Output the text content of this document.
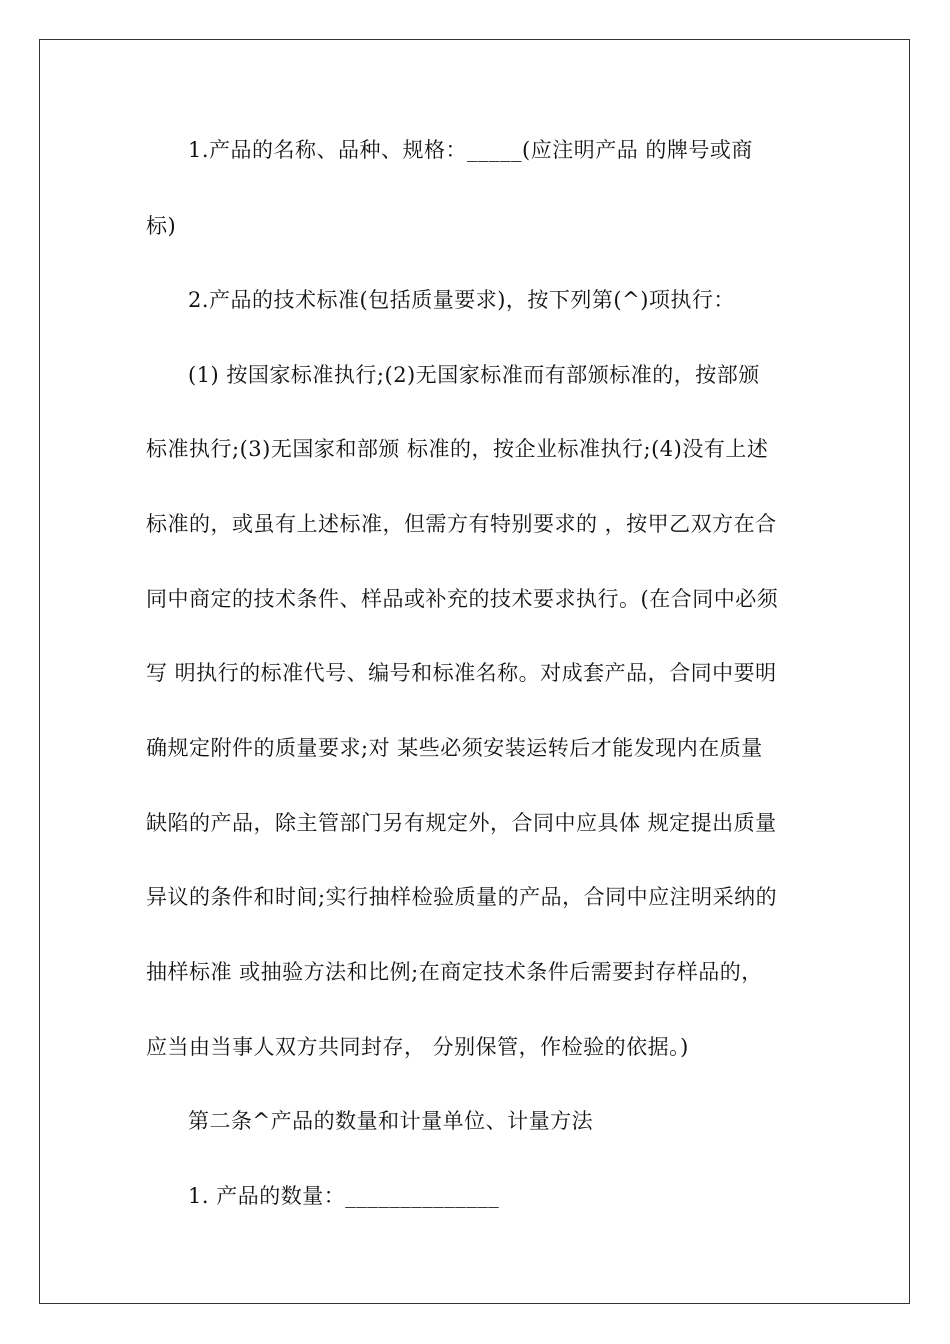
1.产品的名称、品种、规格：_____(应注明产品 的牌号或商
标)
2.产品的技术标准(包括质量要求)，按下列第(^)项执行：
(1) 按国家标准执行;(2)无国家标准而有部颁标准的，按部颁
标准执行;(3)无国家和部颁 标准的，按企业标准执行;(4)没有上述
标准的，或虽有上述标准，但需方有特别要求的 ，按甲乙双方在合
同中商定的技术条件、样品或补充的技术要求执行。(在合同中必须
写 明执行的标准代号、编号和标准名称。对成套产品，合同中要明
确规定附件的质量要求;对 某些必须安装运转后才能发现内在质量
缺陷的产品，除主管部门另有规定外，合同中应具体 规定提出质量
异议的条件和时间;实行抽样检验质量的产品，合同中应注明采纳的
抽样标准 或抽验方法和比例;在商定技术条件后需要封存样品的，
应当由当事人双方共同封存， 分别保管，作检验的依据。)
第二条^产品的数量和计量单位、计量方法
1. 产品的数量：______________
